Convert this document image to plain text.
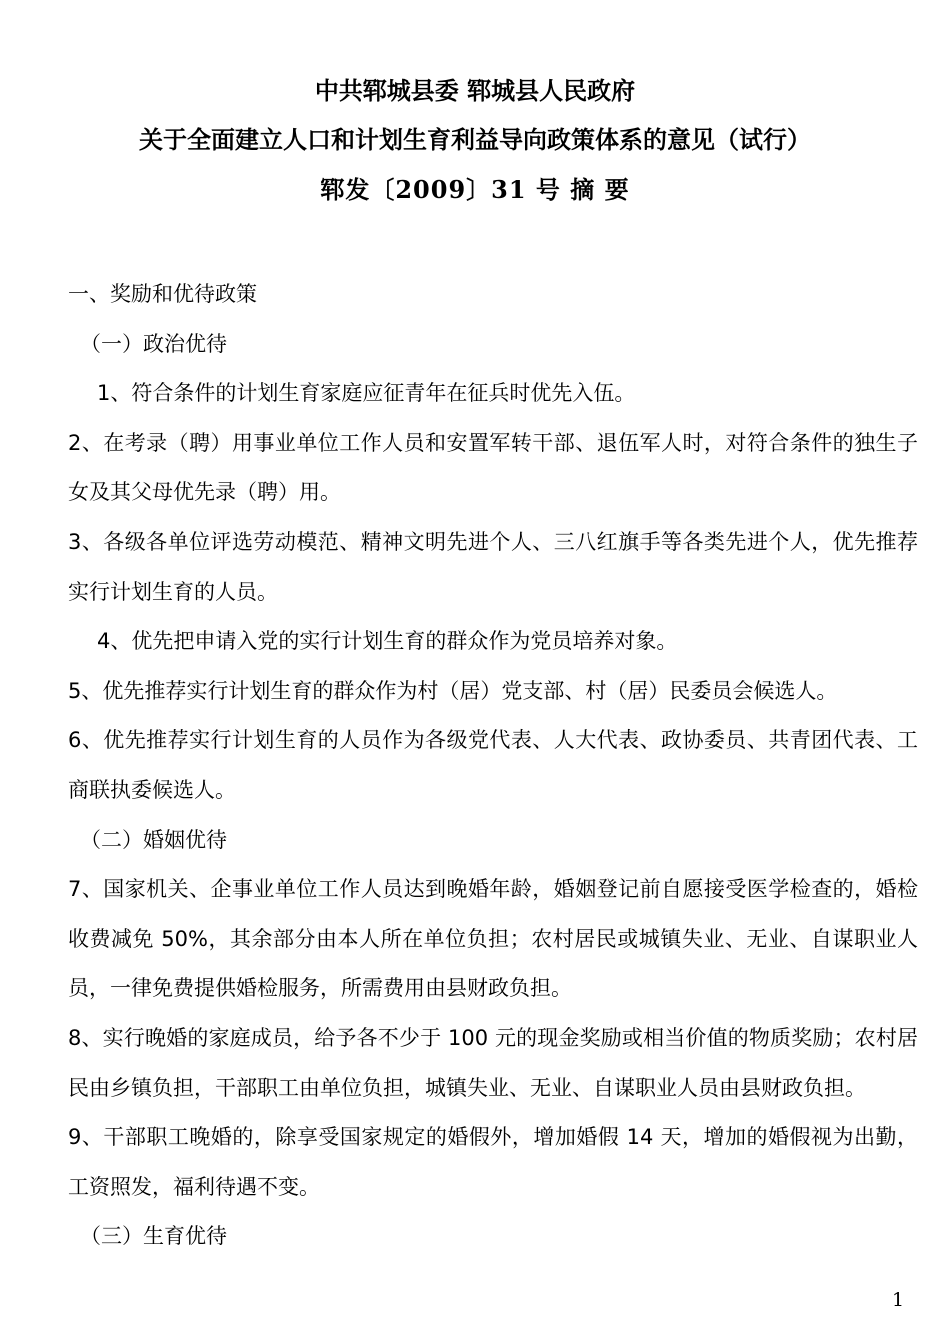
中共郓城县委 郓城县人民政府
关于全面建立人口和计划生育利益导向政策体系的意见（试行）
郓发〔2009〕31 号 摘 要

一、奖励和优待政策

（一）政治优待

1、符合条件的计划生育家庭应征青年在征兵时优先入伍。

2、在考录（聘）用事业单位工作人员和安置军转干部、退伍军人时，对符合条件的独生子女及其父母优先录（聘）用。

3、各级各单位评选劳动模范、精神文明先进个人、三八红旗手等各类先进个人，优先推荐实行计划生育的人员。

4、优先把申请入党的实行计划生育的群众作为党员培养对象。

5、优先推荐实行计划生育的群众作为村（居）党支部、村（居）民委员会候选人。

6、优先推荐实行计划生育的人员作为各级党代表、人大代表、政协委员、共青团代表、工商联执委候选人。

（二）婚姻优待

7、国家机关、企事业单位工作人员达到晚婚年龄，婚姻登记前自愿接受医学检查的，婚检收费减免 50%，其余部分由本人所在单位负担；农村居民或城镇失业、无业、自谋职业人员，一律免费提供婚检服务，所需费用由县财政负担。

8、实行晚婚的家庭成员，给予各不少于 100 元的现金奖励或相当价值的物质奖励；农村居民由乡镇负担，干部职工由单位负担，城镇失业、无业、自谋职业人员由县财政负担。

9、干部职工晚婚的，除享受国家规定的婚假外，增加婚假 14 天，增加的婚假视为出勤，工资照发，福利待遇不变。

（三）生育优待

1
